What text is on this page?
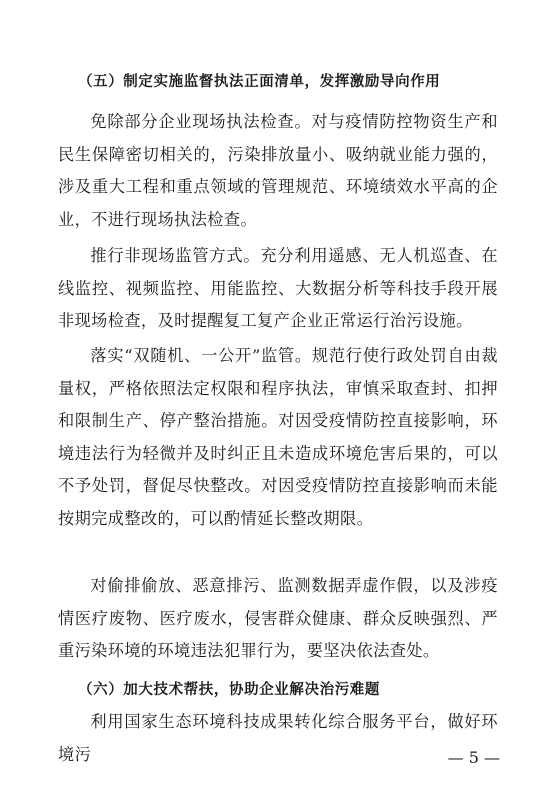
（五）制定实施监督执法正面清单，发挥激励导向作用
免除部分企业现场执法检查。对与疫情防控物资生产和民生保障密切相关的，污染排放量小、吸纳就业能力强的，涉及重大工程和重点领域的管理规范、环境绩效水平高的企业，不进行现场执法检查。
推行非现场监管方式。充分利用遥感、无人机巡查、在线监控、视频监控、用能监控、大数据分析等科技手段开展非现场检查，及时提醒复工复产企业正常运行治污设施。
落实“双随机、一公开”监管。规范行使行政处罚自由裁量权，严格依照法定权限和程序执法，审慎采取查封、扣押和限制生产、停产整治措施。对因受疫情防控直接影响，环境违法行为轻微并及时纠正且未造成环境危害后果的，可以不予处罚，督促尽快整改。对因受疫情防控直接影响而未能按期完成整改的，可以酌情延长整改期限。
对偷排偷放、恶意排污、监测数据弄虚作假，以及涉疫情医疗废物、医疗废水，侵害群众健康、群众反映强烈、严重污染环境的环境违法犯罪行为，要坚决依法查处。
（六）加大技术帮扶，协助企业解决治污难题
利用国家生态环境科技成果转化综合服务平台，做好环境污	— 5 —
